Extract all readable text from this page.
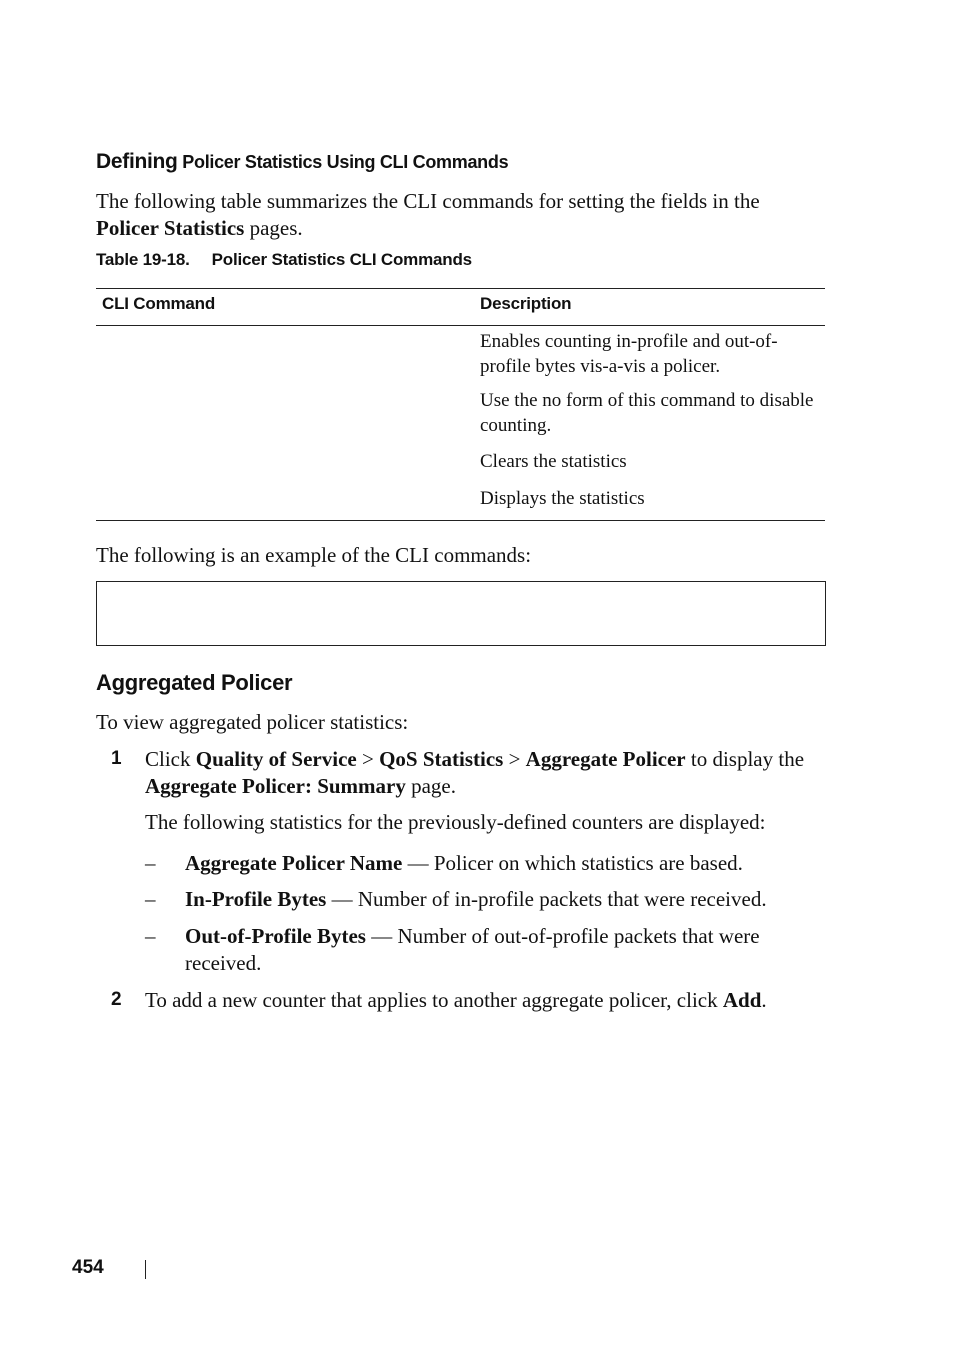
Defining Policer Statistics Using CLI Commands
The following table summarizes the CLI commands for setting the fields in the Policer Statistics pages.
Table 19-18. Policer Statistics CLI Commands
CLI Command	Description
Enables counting in-profile and out-of-profile bytes vis-a-vis a policer.
Use the no form of this command to disable counting.
Clears the statistics
Displays the statistics
The following is an example of the CLI commands:
Aggregated Policer
To view aggregated policer statistics:
1 Click Quality of Service > QoS Statistics > Aggregate Policer to display the Aggregate Policer: Summary page.
The following statistics for the previously-defined counters are displayed:
– Aggregate Policer Name — Policer on which statistics are based.
– In-Profile Bytes — Number of in-profile packets that were received.
– Out-of-Profile Bytes — Number of out-of-profile packets that were received.
2 To add a new counter that applies to another aggregate policer, click Add.
454
